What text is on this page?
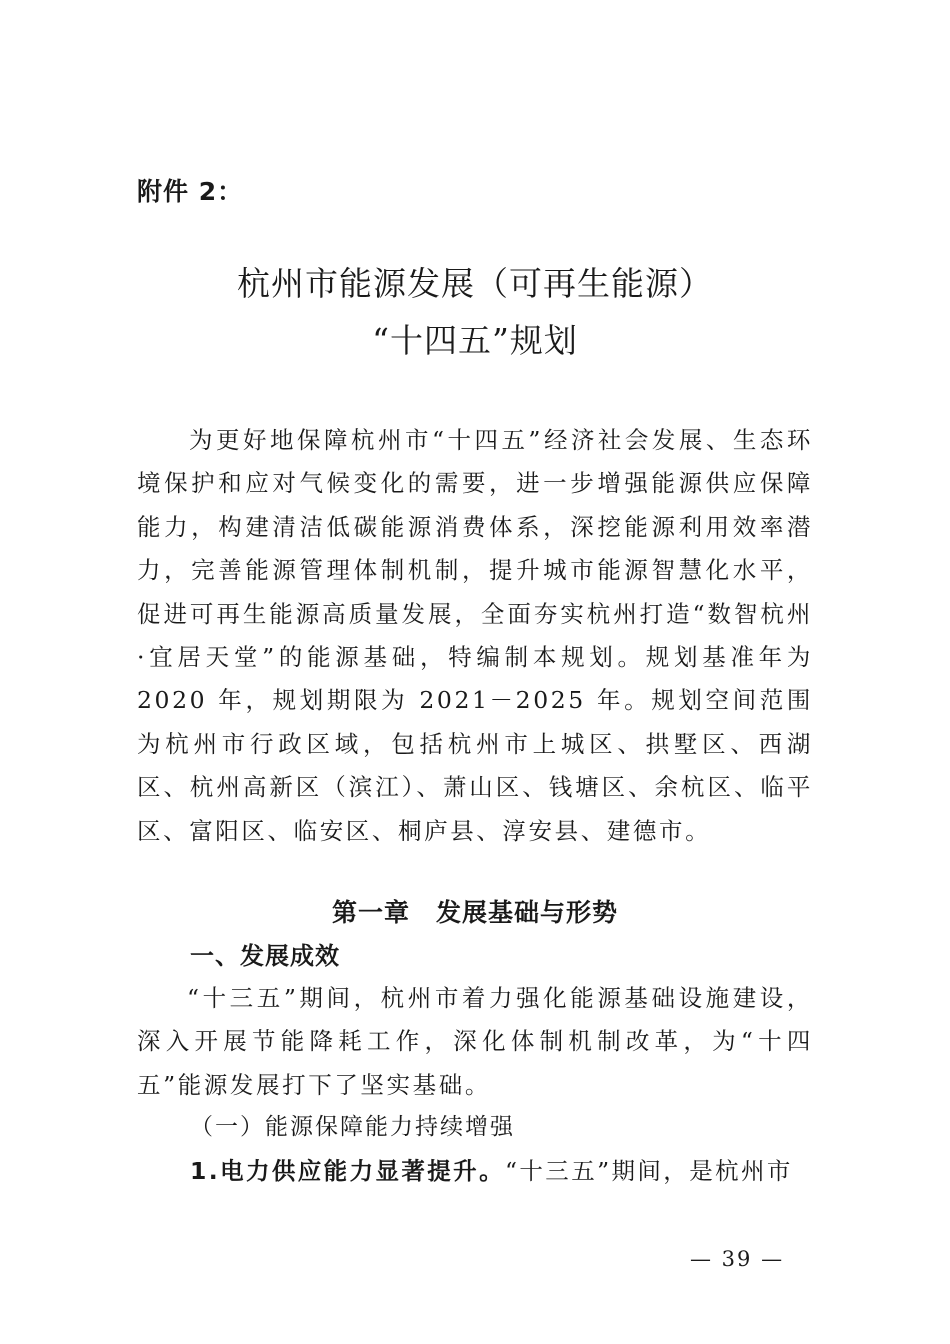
附件 2：
杭州市能源发展（可再生能源）
“十四五”规划
为更好地保障杭州市“十四五”经济社会发展、生态环境保护和应对气候变化的需要，进一步增强能源供应保障能力，构建清洁低碳能源消费体系，深挖能源利用效率潜力，完善能源管理体制机制，提升城市能源智慧化水平，促进可再生能源高质量发展，全面夯实杭州打造“数智杭州·宜居天堂”的能源基础，特编制本规划。规划基准年为 2020 年，规划期限为 2021－2025 年。规划空间范围为杭州市行政区域，包括杭州市上城区、拱墅区、西湖区、杭州高新区（滨江）、萧山区、钱塘区、余杭区、临平区、富阳区、临安区、桐庐县、淳安县、建德市。
第一章　发展基础与形势
一、发展成效
“十三五”期间，杭州市着力强化能源基础设施建设，深入开展节能降耗工作，深化体制机制改革，为“十四五”能源发展打下了坚实基础。
（一）能源保障能力持续增强
1.电力供应能力显著提升。“十三五”期间，是杭州市
— 39 —
